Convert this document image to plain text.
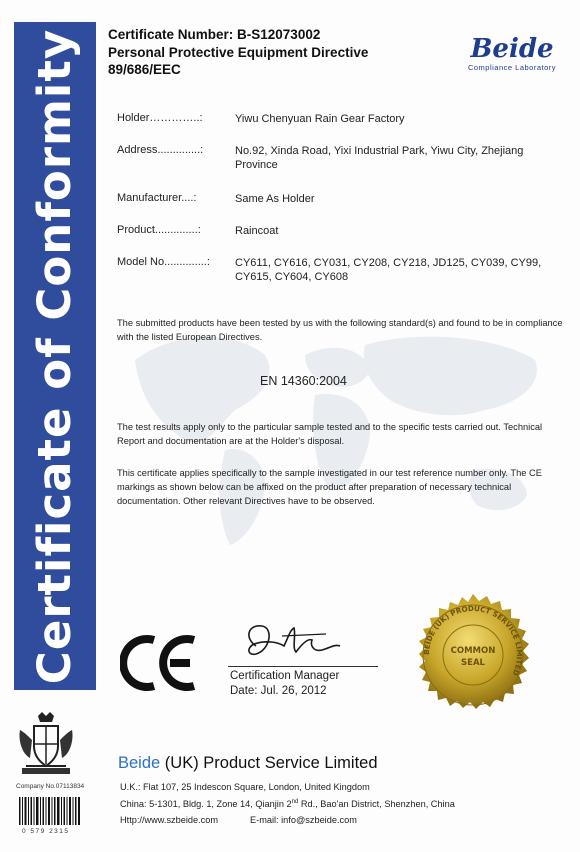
Certificate of Conformity Certificate Number: B-S12073002
Personal Protective Equipment Directive
89/686/EEC
Beide
Compliance Laboratory
Holder…………..:	Yiwu Chenyuan Rain Gear Factory
Address..............:	No.92, Xinda Road, Yixi Industrial Park, Yiwu City, Zhejiang Province
Manufacturer....:	Same As Holder
Product..............:	Raincoat
Model No..............: CY611, CY616, CY031, CY208, CY218, JD125, CY039, CY99, CY615, CY604, CY608
The submitted products have been tested by us with the following standard(s) and found to be in compliance with the listed European Directives.
EN 14360:2004
The test results apply only to the particular sample tested and to the specific tests carried out. Technical Report and documentation are at the Holder's disposal.
This certificate applies specifically to the sample investigated in our test reference number only. The CE markings as shown below can be affixed on the product after preparation of necessary technical documentation. Other relevant Directives have to be observed.
Certification Manager
Date: Jul. 26, 2012
BEIDE (UK) PRODUCT SERVICE LIMITED
COMMON
SEAL
Company No.07113834
0 579 2315
Beide (UK) Product Service Limited
U.K.: Flat 107, 25 Indescon Square, London, United Kingdom
China: 5-1301, Bldg. 1, Zone 14, Qianjin 2nd Rd., Bao'an District, Shenzhen, China
Http://www.szbeide.com	E-mail: info@szbeide.com
